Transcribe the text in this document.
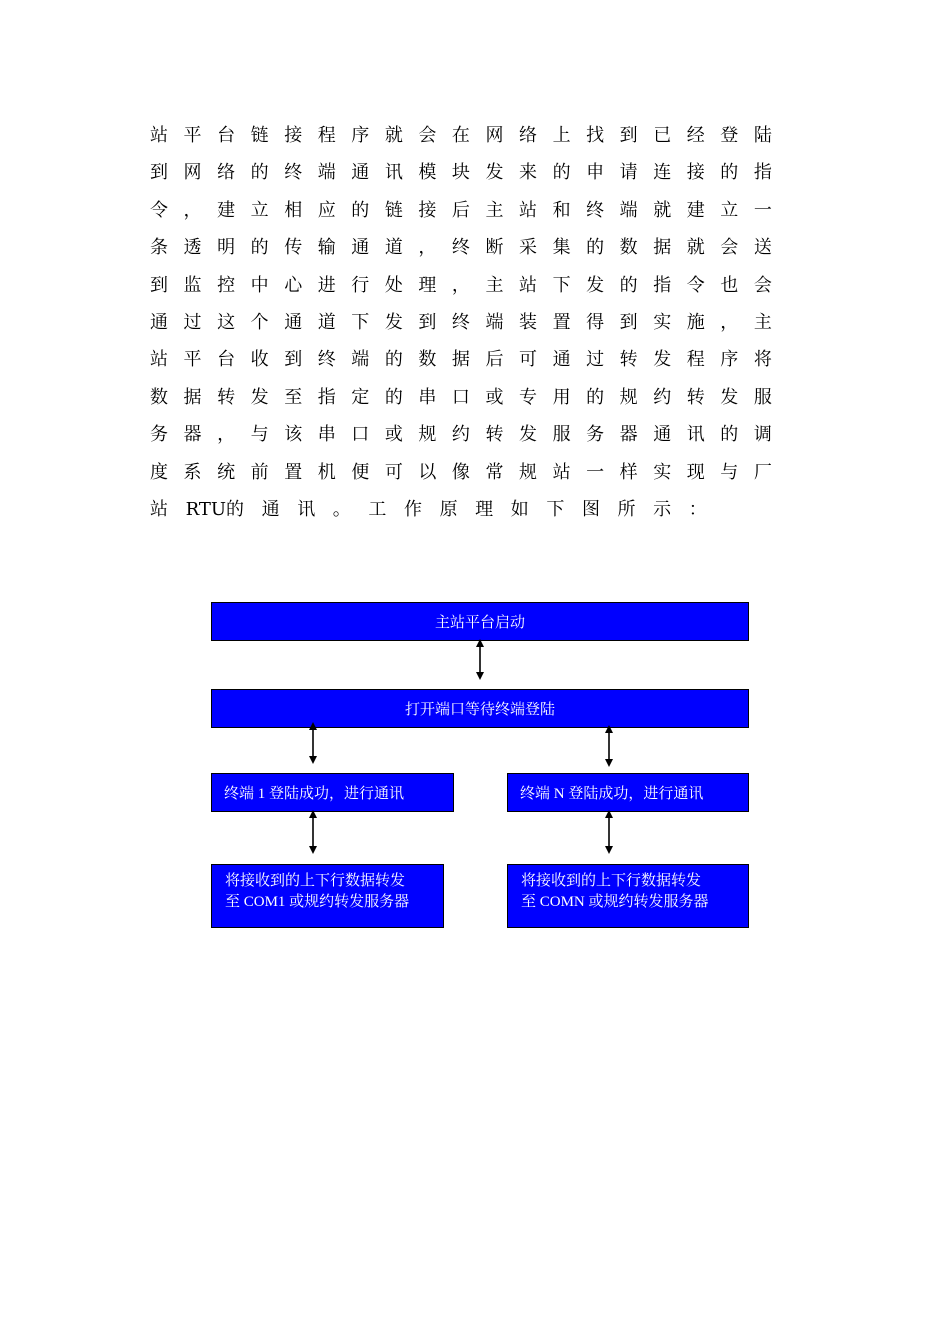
站 平 台 链 接 程 序 就 会 在 网 络 上 找 到 已 经 登 陆
到 网 络 的 终 端 通 讯 模 块 发 来 的 申 请 连 接 的 指
令 ， 建 立 相 应 的 链 接 后 主 站 和 终 端 就 建 立 一
条 透 明 的 传 输 通 道 ， 终 断 采 集 的 数 据 就 会 送
到 监 控 中 心 进 行 处 理 ， 主 站 下 发 的 指 令 也 会
通 过 这 个 通 道 下 发 到 终 端 装 置 得 到 实 施 ， 主
站 平 台 收 到 终 端 的 数 据 后 可 通 过 转 发 程 序 将
数 据 转 发 至 指 定 的 串 口 或 专 用 的 规 约 转 发 服
务 器 ， 与 该 串 口 或 规 约 转 发 服 务 器 通 讯 的 调
度 系 统 前 置 机 便 可 以 像 常 规 站 一 样 实 现 与 厂
站 RTU的 通 讯 。 工 作 原 理 如 下 图 所 示 ：
主站平台启动
打开端口等待终端登陆
终端 1 登陆成功，进行通讯	终端 N 登陆成功，进行通讯
将接收到的上下行数据转发
至 COM1 或规约转发服务器
将接收到的上下行数据转发
至 COMN 或规约转发服务器
